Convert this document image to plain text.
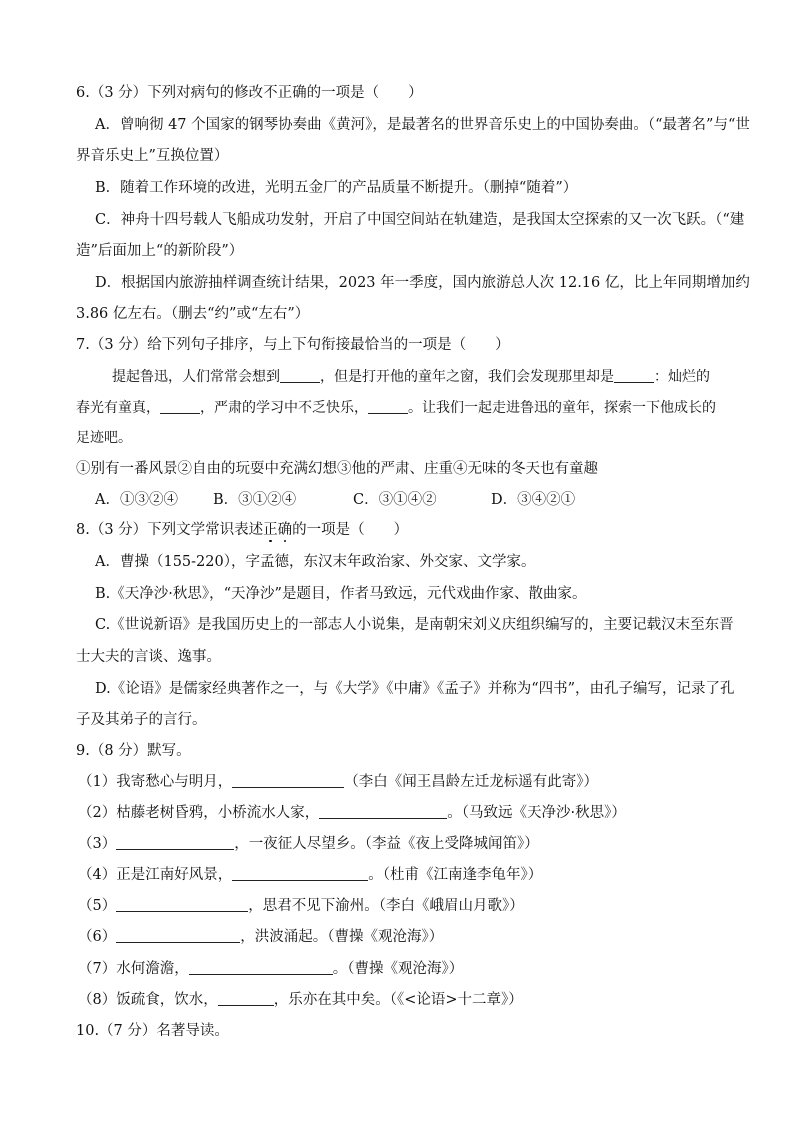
6.（3 分）下列对病句的修改不正确的一项是（　　）
A．曾响彻 47 个国家的钢琴协奏曲《黄河》，是最著名的世界音乐史上的中国协奏曲。（“最著名”与“世
界音乐史上”互换位置）
B．随着工作环境的改进，光明五金厂的产品质量不断提升。（删掉“随着”）
C．神舟十四号载人飞船成功发射，开启了中国空间站在轨建造，是我国太空探索的又一次飞跃。（“建
造”后面加上“的新阶段”）
D．根据国内旅游抽样调查统计结果，2023 年一季度，国内旅游总人次 12.16 亿，比上年同期增加约
3.86 亿左右。（删去“约”或“左右”）
7.（3 分）给下列句子排序，与上下句衔接最恰当的一项是（　　）
提起鲁迅，人们常常会想到	，但是打开他的童年之窗，我们会发现那里却是	：灿烂的
春光有童真，	，严肃的学习中不乏快乐，	。让我们一起走进鲁迅的童年，探索一下他成长的
足迹吧。
①别有一番风景②自由的玩耍中充满幻想③他的严肃、庄重④无味的冬天也有童趣
A．①③②④ B．③①②④	C．③①④②	D．③④②①
8.（3 分）下列文学常识表述正确的一项是（　　）
A．曹操（155-220），字孟德，东汉末年政治家、外交家、文学家。
B.《天净沙·秋思》，“天净沙”是题目，作者马致远，元代戏曲作家、散曲家。
C.《世说新语》是我国历史上的一部志人小说集，是南朝宋刘义庆组织编写的，主要记载汉末至东晋
士大夫的言谈、逸事。
D.《论语》是儒家经典著作之一，与《大学》《中庸》《孟子》并称为“四书”，由孔子编写，记录了孔
子及其弟子的言行。
9.（8 分）默写。
（1）我寄愁心与明月，	（李白《闻王昌龄左迁龙标遥有此寄》）
（2）枯藤老树昏鸦，小桥流水人家，	。（马致远《天净沙·秋思》）
（3）	，一夜征人尽望乡。（李益《夜上受降城闻笛》）
（4）正是江南好风景，	。（杜甫《江南逢李龟年》）
（5）	，思君不见下渝州。（李白《峨眉山月歌》）
（6）	，洪波涌起。（曹操《观沧海》）
（7）水何澹澹，	。（曹操《观沧海》）
（8）饭疏食，饮水，	，乐亦在其中矣。（《<论语>十二章》）
10.（7 分）名著导读。
